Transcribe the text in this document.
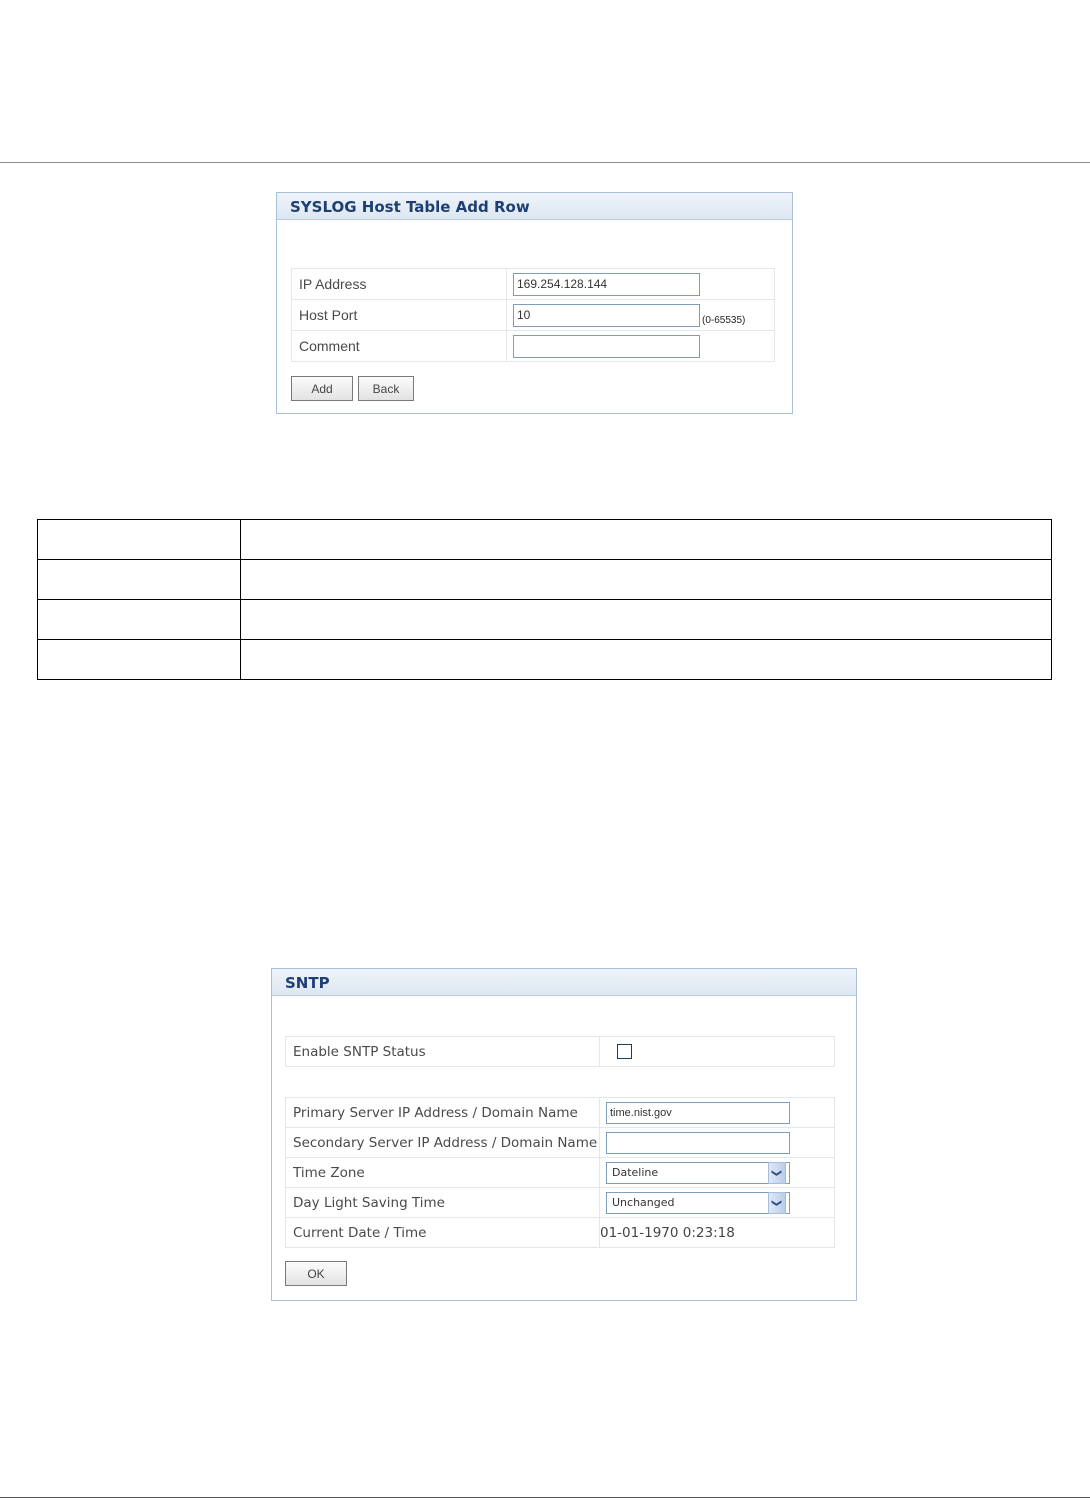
SYSLOG Host Table Add Row
IP Address	169.254.128.144
Host Port	$10_{(0-65535)}$
Comment	
Add	Back

SNTP
Enable SNTP Status	
Primary Server IP Address / Domain Name	time.nist.gov
Secondary Server IP Address / Domain Name	
Time Zone	Dateline ❮

Day Light Saving Time	Unchanged ❮

Current Date / Time	01-01-1970 0:23:18
OK
